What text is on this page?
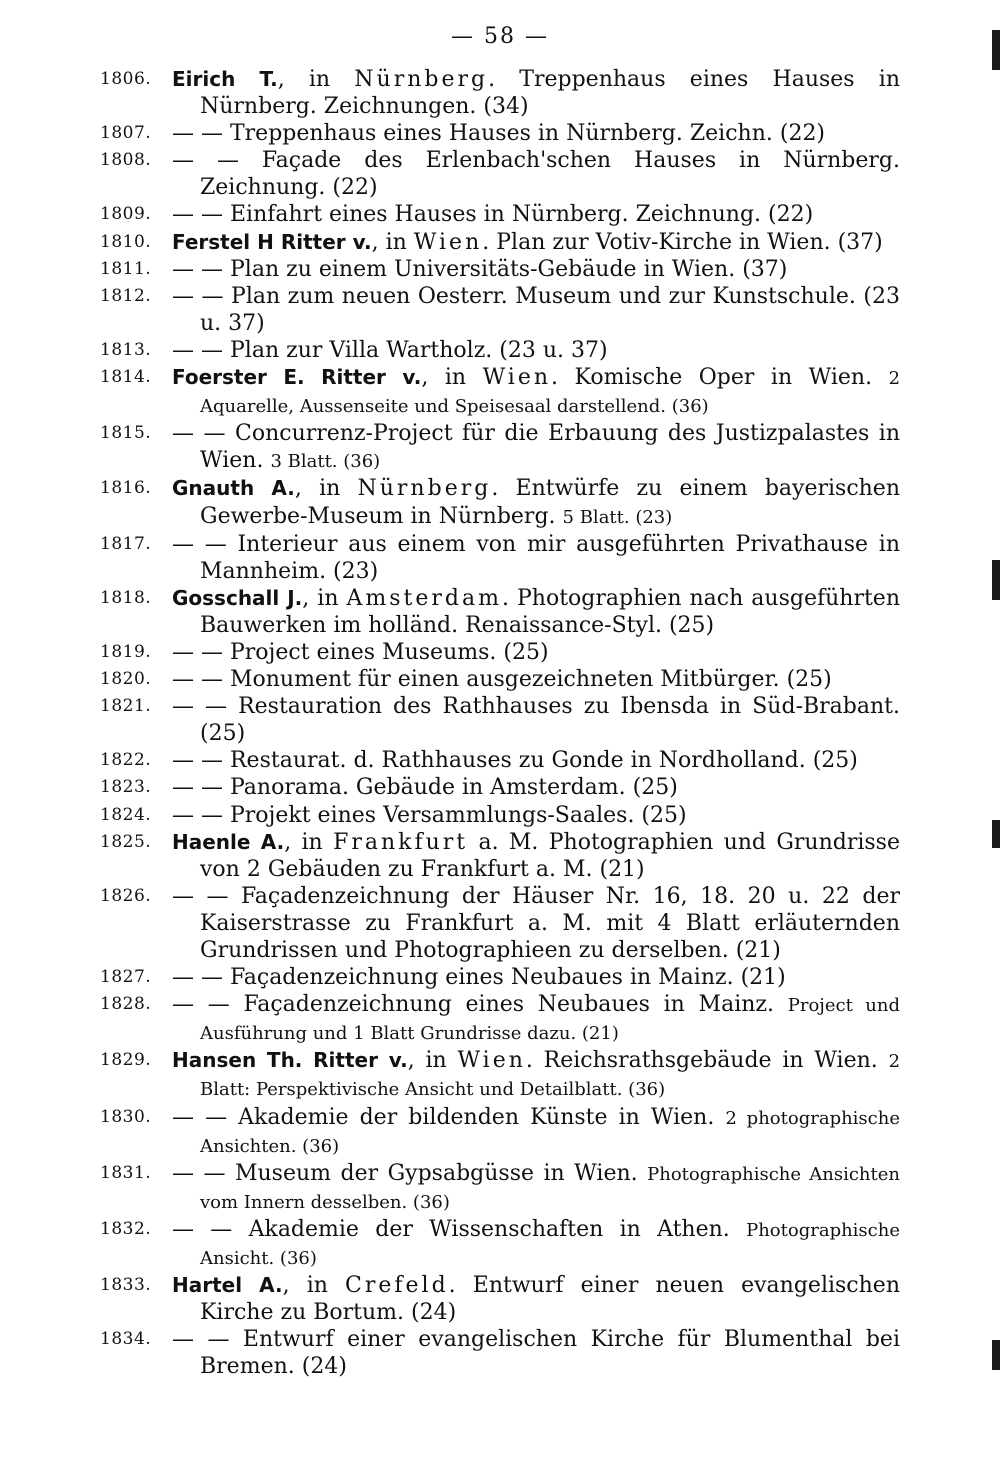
— 58 —
1806.	Eirich T., in Nürnberg. Treppenhaus eines Hauses in Nürnberg. Zeichnungen. (34)
1807. — — Treppenhaus eines Hauses in Nürnberg. Zeichn. (22)
1808. — — Façade des Erlenbach'schen Hauses in Nürnberg. Zeichnung. (22)
1809. — — Einfahrt eines Hauses in Nürnberg. Zeichnung. (22)
1810.	Ferstel H Ritter v., in Wien. Plan zur Votiv-Kirche in Wien. (37)
1811. — — Plan zu einem Universitäts-Gebäude in Wien. (37)
1812. — — Plan zum neuen Oesterr. Museum und zur Kunstschule. (23 u. 37)
1813. — — Plan zur Villa Wartholz. (23 u. 37)
1814.	Foerster E. Ritter v., in Wien. Komische Oper in Wien. 2 Aquarelle, Aussenseite und Speisesaal darstellend. (36)
1815. — — Concurrenz-Project für die Erbauung des Justizpalastes in Wien. 3 Blatt. (36)
1816.	Gnauth A., in Nürnberg. Entwürfe zu einem bayerischen Gewerbe-Museum in Nürnberg. 5 Blatt. (23)
1817. — — Interieur aus einem von mir ausgeführten Privathause in Mannheim. (23)
1818.	Gosschall J., in Amsterdam. Photographien nach ausgeführten Bauwerken im holländ. Renaissance-Styl. (25)
1819. — — Project eines Museums. (25)
1820. — — Monument für einen ausgezeichneten Mitbürger. (25)
1821. — — Restauration des Rathhauses zu Ibensda in Süd-Brabant. (25)
1822. — — Restaurat. d. Rathhauses zu Gonde in Nordholland. (25)
1823. — — Panorama. Gebäude in Amsterdam. (25)
1824. — — Projekt eines Versammlungs-Saales. (25)
1825.	Haenle A., in Frankfurt a. M. Photographien und Grundrisse von 2 Gebäuden zu Frankfurt a. M. (21)
1826. — — Façadenzeichnung der Häuser Nr. 16, 18. 20 u. 22 der Kaiserstrasse zu Frankfurt a. M. mit 4 Blatt erläuternden Grundrissen und Photographieen zu derselben. (21)
1827. — — Façadenzeichnung eines Neubaues in Mainz. (21)
1828. — — Façadenzeichnung eines Neubaues in Mainz. Project und Ausführung und 1 Blatt Grundrisse dazu. (21)
1829.	Hansen Th. Ritter v., in Wien. Reichsrathsgebäude in Wien. 2 Blatt: Perspektivische Ansicht und Detailblatt. (36)
1830. — — Akademie der bildenden Künste in Wien. 2 photographische Ansichten. (36)
1831. — — Museum der Gypsabgüsse in Wien. Photographische Ansichten vom Innern desselben. (36)
1832. — — Akademie der Wissenschaften in Athen. Photographische Ansicht. (36)
1833.	Hartel A., in Crefeld. Entwurf einer neuen evangelischen Kirche zu Bortum. (24)
1834. — — Entwurf einer evangelischen Kirche für Blumenthal bei Bremen. (24)
